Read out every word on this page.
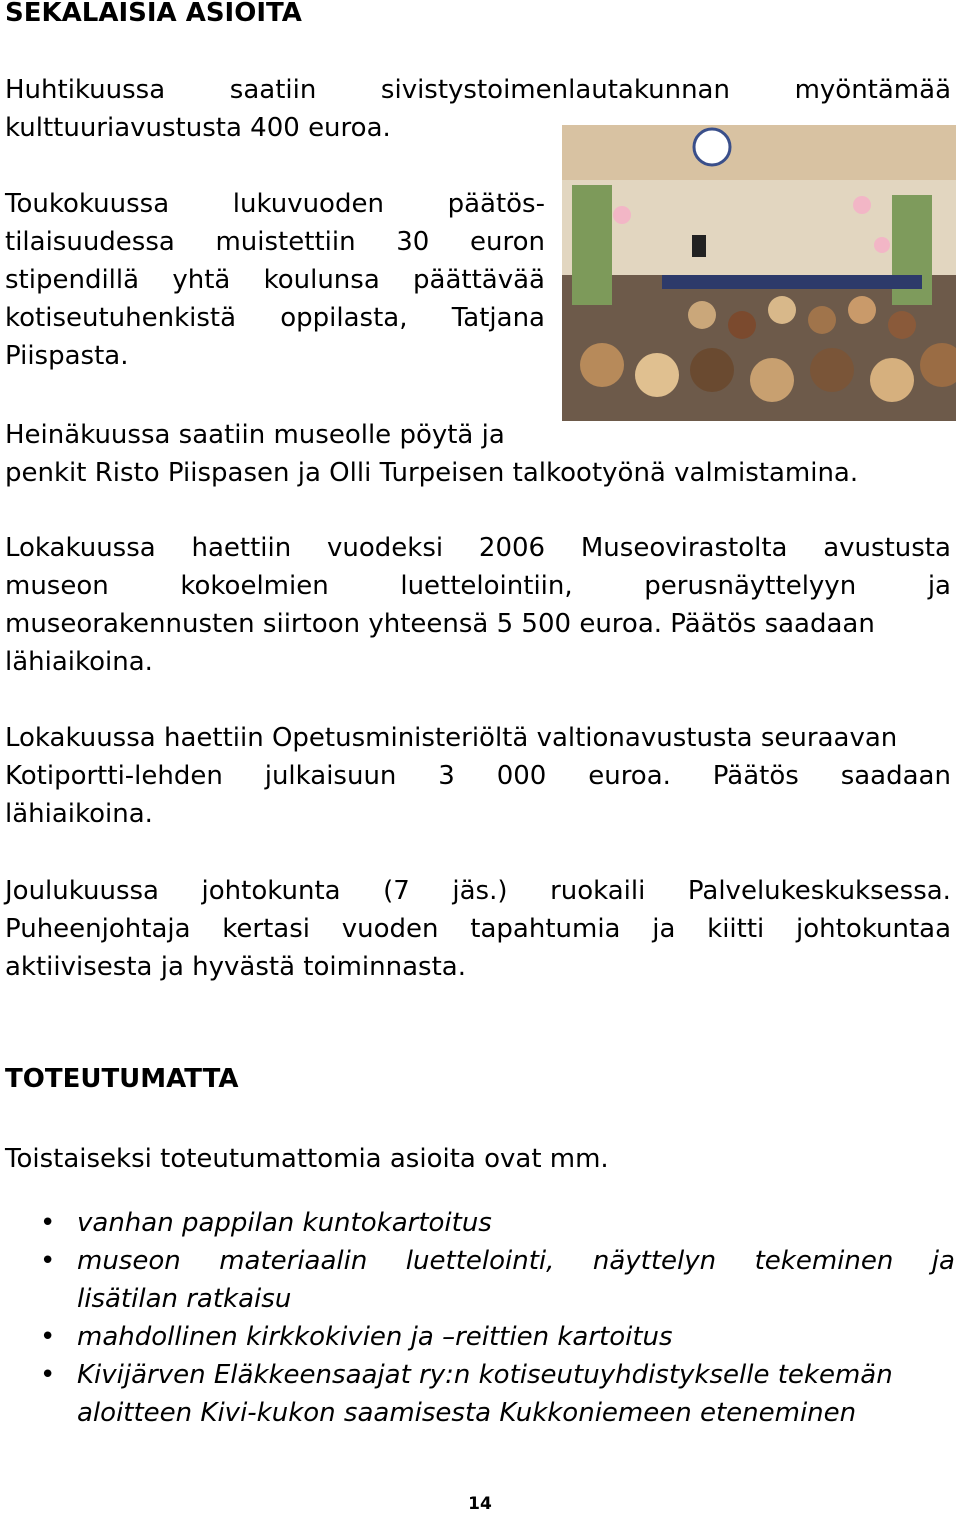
SEKALAISIA ASIOITA
Huhtikuussa saatiin sivistystoimenlautakunnan myöntämää
kulttuuriavustusta 400 euroa.
Toukokuussa lukuvuoden päätös-
tilaisuudessa muistettiin 30 euron
stipendillä yhtä koulunsa päättävää
kotiseutuhenkistä oppilasta, Tatjana
Piispasta.
Heinäkuussa saatiin museolle pöytä ja
penkit Risto Piispasen ja Olli Turpeisen talkootyönä valmistamina.
Lokakuussa haettiin vuodeksi 2006 Museovirastolta avustusta
museon	kokoelmien	luettelointiin,	perusnäyttelyyn	ja
museorakennusten siirtoon yhteensä 5 500 euroa. Päätös saadaan
lähiaikoina.
Lokakuussa haettiin Opetusministeriöltä valtionavustusta seuraavan
Kotiportti-lehden julkaisuun 3 000 euroa. Päätös saadaan
lähiaikoina.
Joulukuussa johtokunta (7 jäs.) ruokaili Palvelukeskuksessa.
Puheenjohtaja kertasi vuoden tapahtumia ja kiitti johtokuntaa
aktiivisesta ja hyvästä toiminnasta.
TOTEUTUMATTA
Toistaiseksi toteutumattomia asioita ovat mm.
• vanhan pappilan kuntokartoitus
• museon materiaalin luettelointi, näyttelyn tekeminen ja
lisätilan ratkaisu
• mahdollinen kirkkokivien ja –reittien kartoitus
• Kivijärven Eläkkeensaajat ry:n kotiseutuyhdistykselle tekemän
aloitteen Kivi-kukon saamisesta Kukkoniemeen eteneminen
14
